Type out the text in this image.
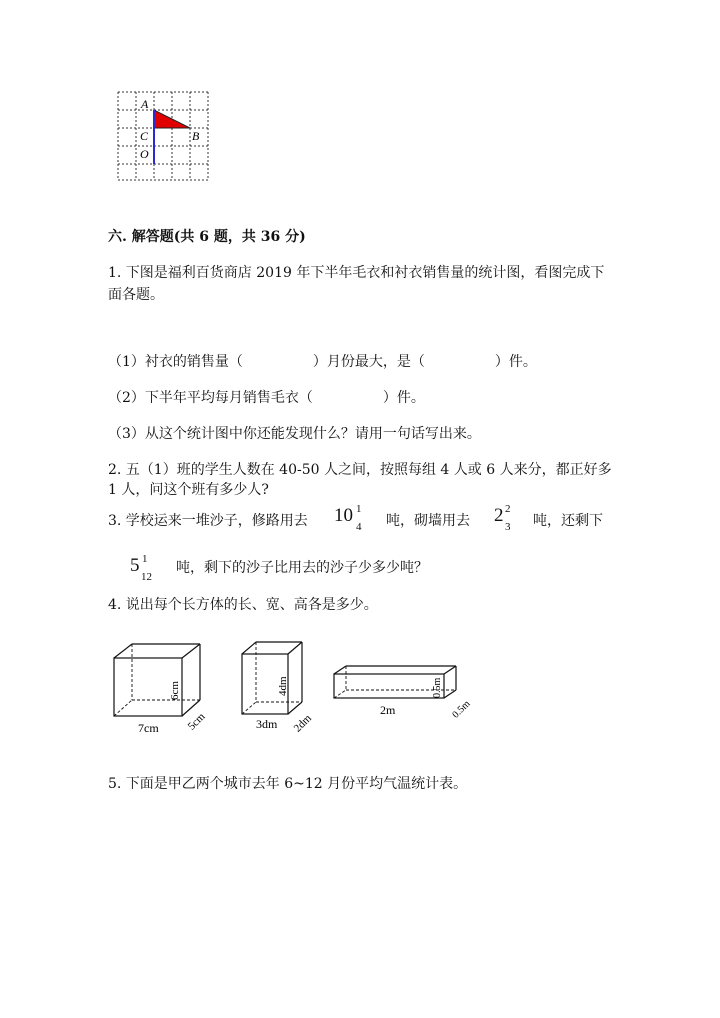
A
C	B
O
六. 解答题(共 6 题，共 36 分)
1. 下图是福利百货商店 2019 年下半年毛衣和衬衣销售量的统计图，看图完成下
面各题。
（1）衬衣的销售量（　　　　　）月份最大，是（　　　　　）件。
（2）下半年平均每月销售毛衣（　　　　　）件。
（3）从这个统计图中你还能发现什么？请用一句话写出来。
2. 五（1）班的学生人数在 40-50 人之间，按照每组 4 人或 6 人来分，都正好多
1 人，问这个班有多少人?
3. 学校运来一堆沙子，修路用去 10 1
4 吨，砌墙用去 2 2
3 吨，还剩下
5 1
12
吨，剩下的沙子比用去的沙子少多少吨？
4. 说出每个长方体的长、宽、高各是多少。
7cm 5cm
6cm
3dm 2dm
4dm
2m	0.5m
0.5m
5. 下面是甲乙两个城市去年 6~12 月份平均气温统计表。
